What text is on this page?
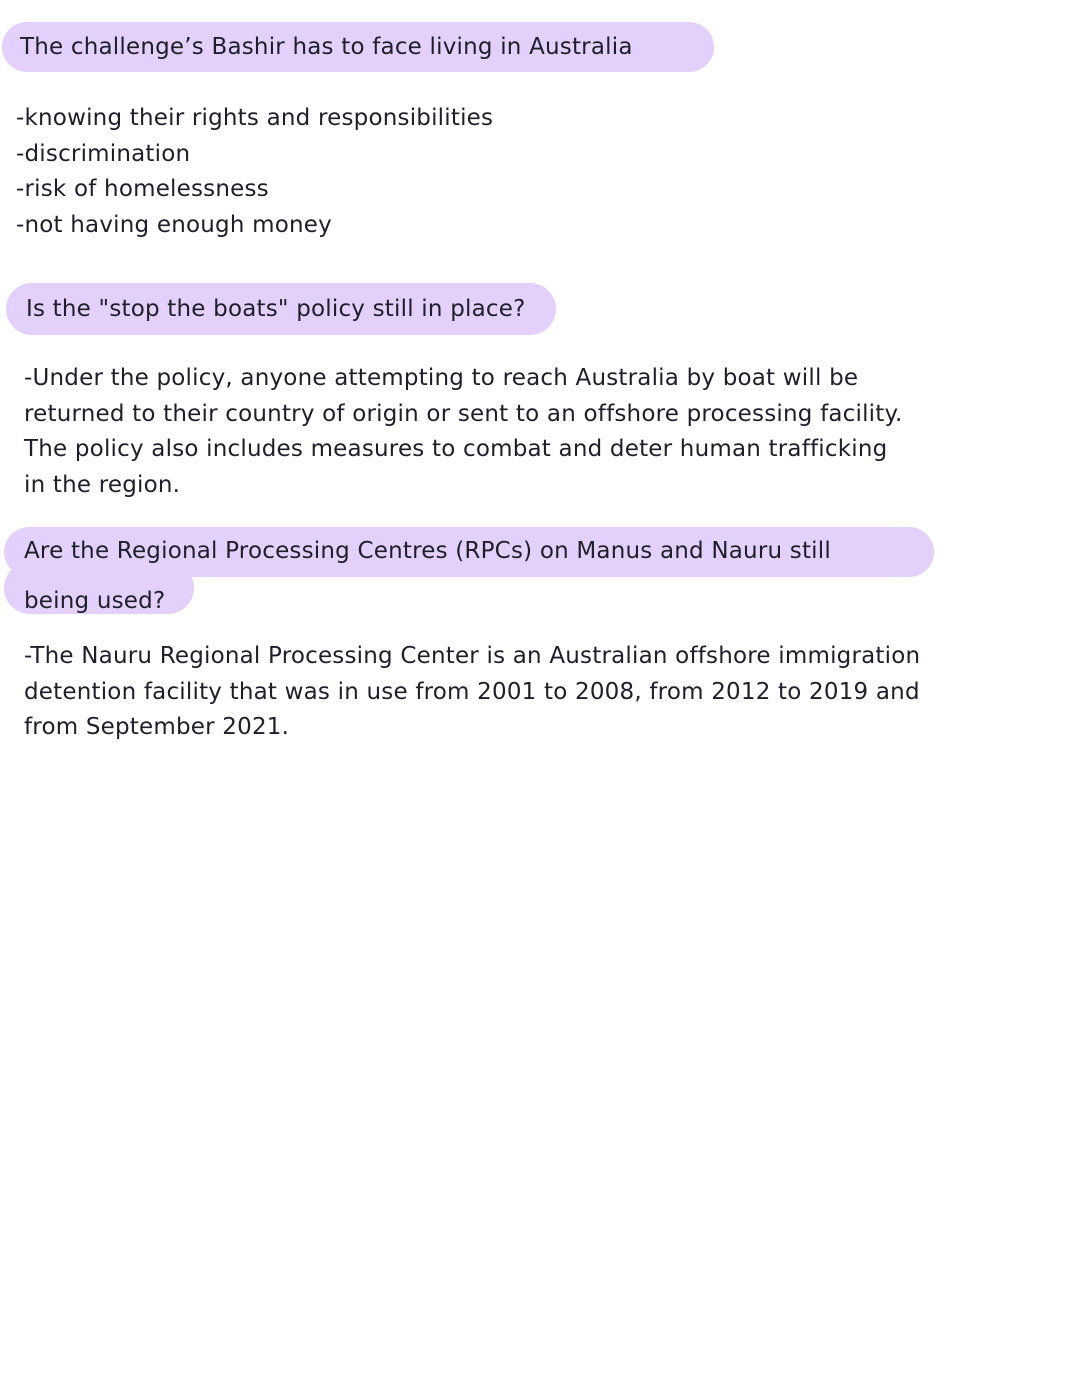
The challenge’s Bashir has to face living in Australia
-knowing their rights and responsibilities
-discrimination
-risk of homelessness
-not having enough money
Is the "stop the boats" policy still in place?

-Under the policy, anyone attempting to reach Australia by boat will be returned to their country of origin or sent to an offshore processing facility. The policy also includes measures to combat and deter human trafficking in the region.

being used?
Are the Regional Processing Centres (RPCs) on Manus and Nauru still

-The Nauru Regional Processing Center is an Australian offshore immigration detention facility that was in use from 2001 to 2008, from 2012 to 2019 and from September 2021.
